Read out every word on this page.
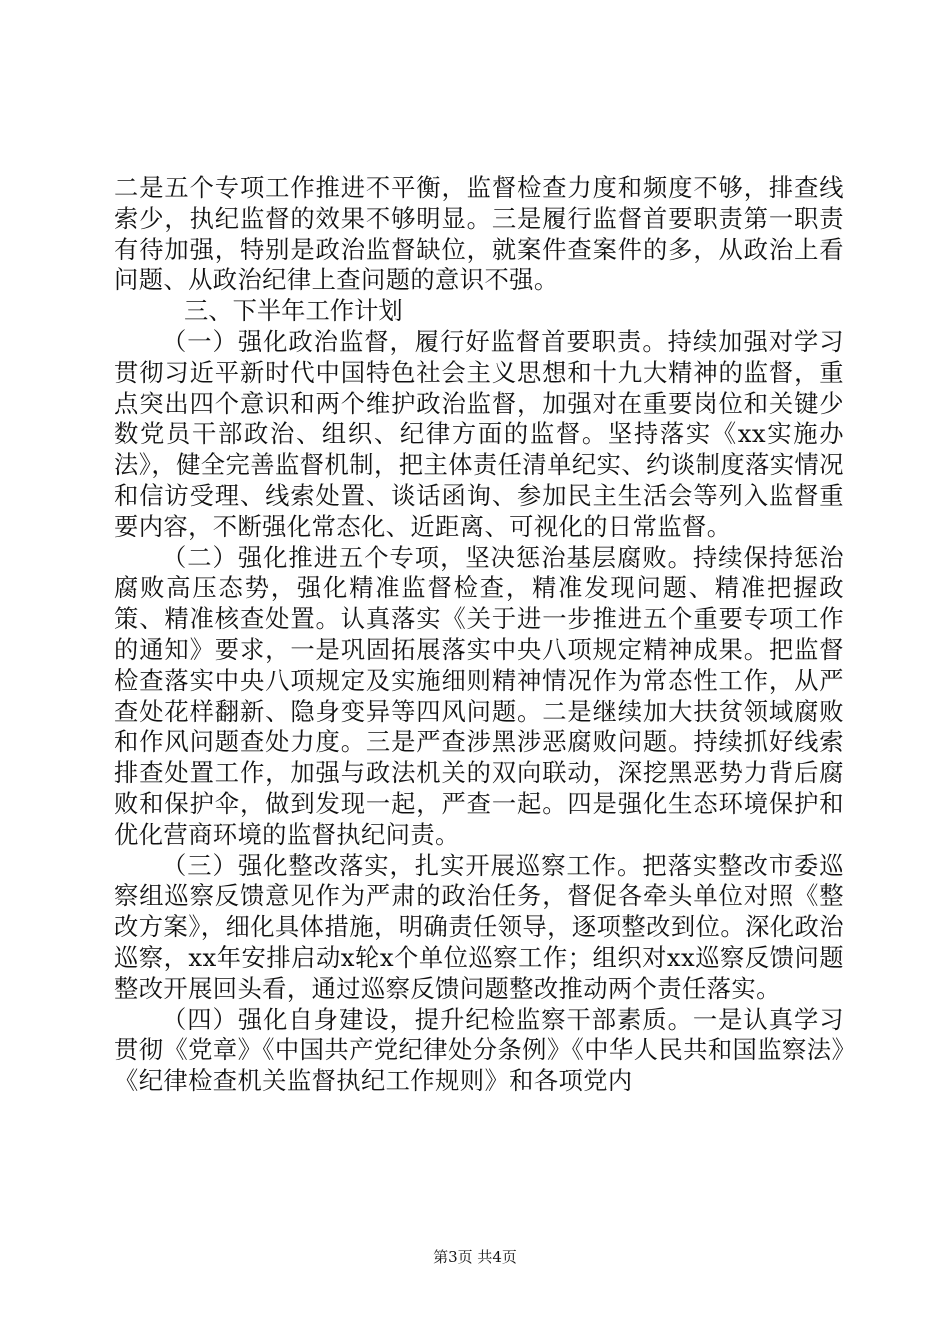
二是五个专项工作推进不平衡，监督检查力度和频度不够，排查线索少，执纪监督的效果不够明显。三是履行监督首要职责第一职责有待加强，特别是政治监督缺位，就案件查案件的多，从政治上看问题、从政治纪律上查问题的意识不强。

三、下半年工作计划

（一）强化政治监督，履行好监督首要职责。持续加强对学习贯彻习近平新时代中国特色社会主义思想和十九大精神的监督，重点突出四个意识和两个维护政治监督，加强对在重要岗位和关键少数党员干部政治、组织、纪律方面的监督。坚持落实《xx实施办法》，健全完善监督机制，把主体责任清单纪实、约谈制度落实情况和信访受理、线索处置、谈话函询、参加民主生活会等列入监督重要内容，不断强化常态化、近距离、可视化的日常监督。

（二）强化推进五个专项，坚决惩治基层腐败。持续保持惩治腐败高压态势，强化精准监督检查，精准发现问题、精准把握政策、精准核查处置。认真落实《关于进一步推进五个重要专项工作的通知》要求，一是巩固拓展落实中央八项规定精神成果。把监督检查落实中央八项规定及实施细则精神情况作为常态性工作，从严查处花样翻新、隐身变异等四风问题。二是继续加大扶贫领域腐败和作风问题查处力度。三是严查涉黑涉恶腐败问题。持续抓好线索排查处置工作，加强与政法机关的双向联动，深挖黑恶势力背后腐败和保护伞，做到发现一起，严查一起。四是强化生态环境保护和优化营商环境的监督执纪问责。

（三）强化整改落实，扎实开展巡察工作。把落实整改市委巡察组巡察反馈意见作为严肃的政治任务，督促各牵头单位对照《整改方案》，细化具体措施，明确责任领导，逐项整改到位。深化政治巡察，xx年安排启动x轮x个单位巡察工作；组织对xx巡察反馈问题整改开展回头看，通过巡察反馈问题整改推动两个责任落实。

（四）强化自身建设，提升纪检监察干部素质。一是认真学习贯彻《党章》《中国共产党纪律处分条例》《中华人民共和国监察法》《纪律检查机关监督执纪工作规则》和各项党内

第3页 共4页
